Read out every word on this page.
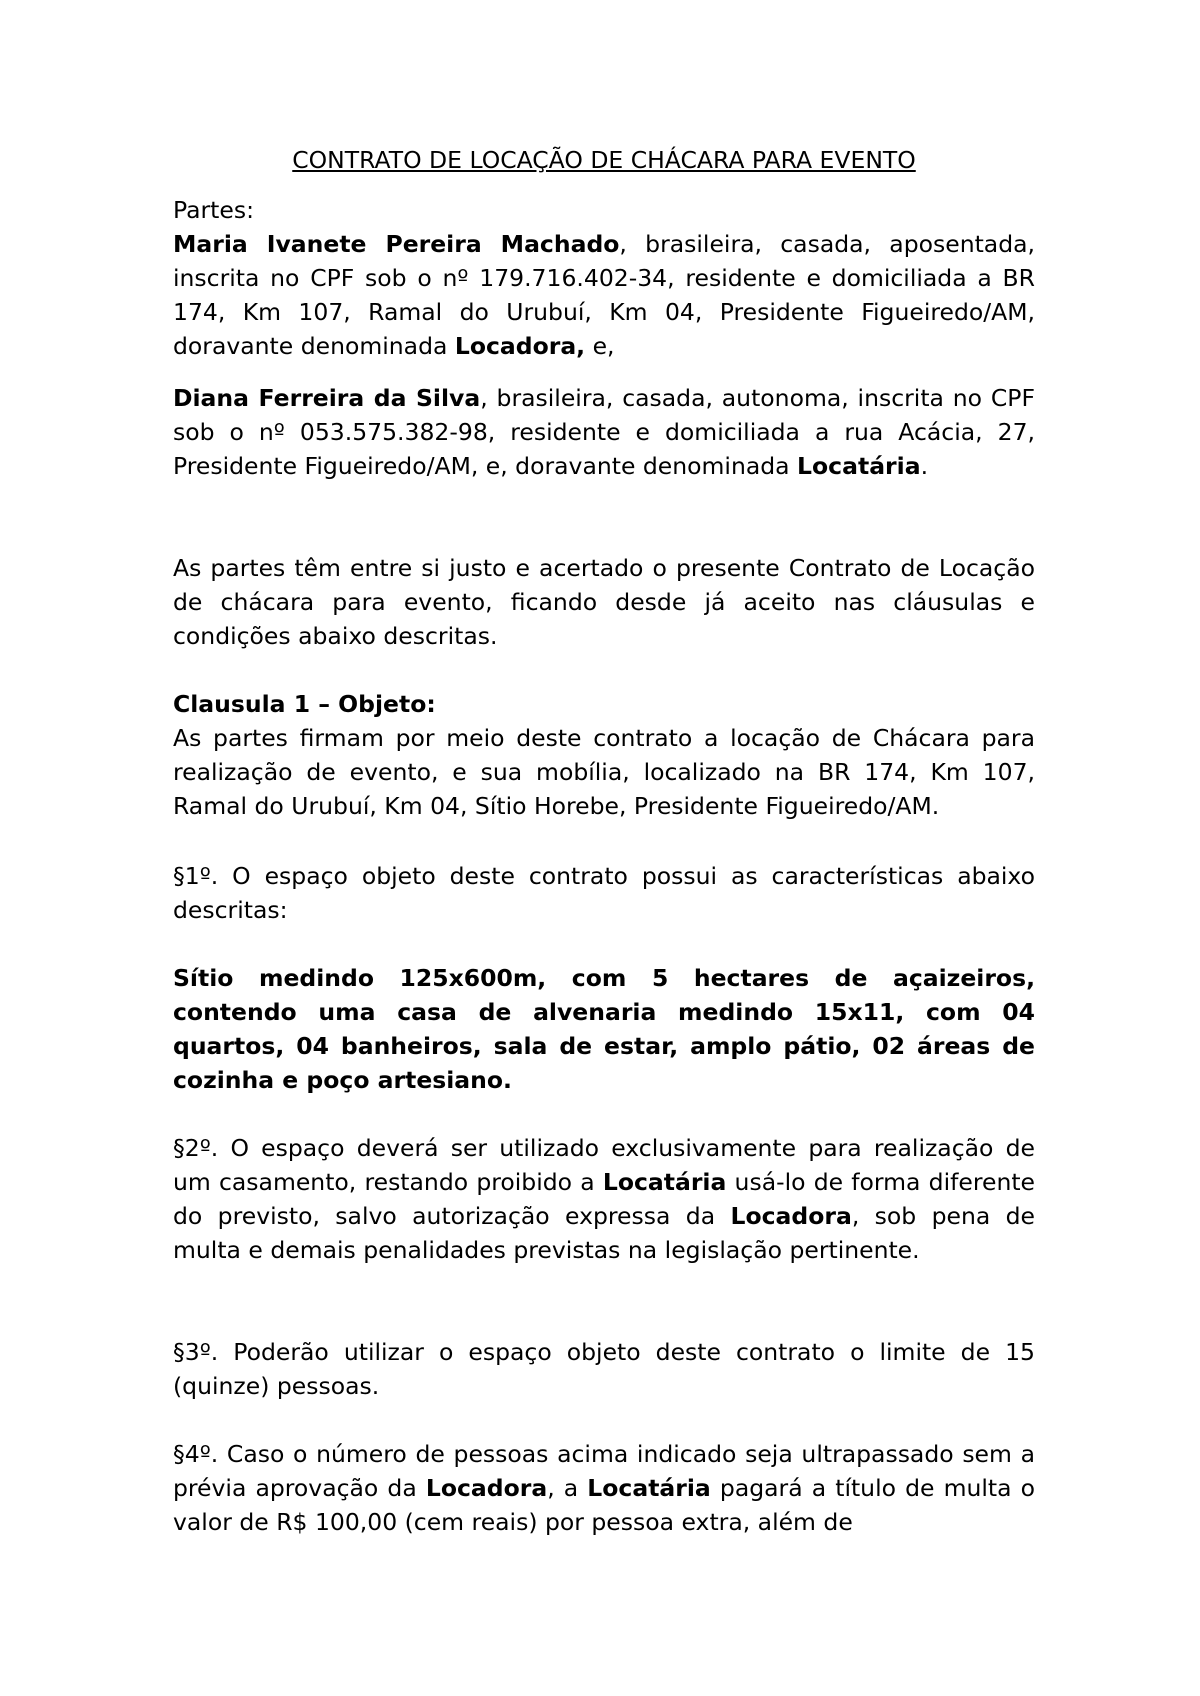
CONTRATO DE LOCAÇÃO DE CHÁCARA PARA EVENTO
Partes:
Maria Ivanete Pereira Machado, brasileira, casada, aposentada, inscrita no CPF sob o nº 179.716.402-34, residente e domiciliada a BR 174, Km 107, Ramal do Urubuí, Km 04, Presidente Figueiredo/AM, doravante denominada Locadora, e,
Diana Ferreira da Silva, brasileira, casada, autonoma, inscrita no CPF sob o nº 053.575.382-98, residente e domiciliada a rua Acácia, 27, Presidente Figueiredo/AM, e, doravante denominada Locatária.
As partes têm entre si justo e acertado o presente Contrato de Locação de chácara para evento, ficando desde já aceito nas cláusulas e condições abaixo descritas.
Clausula 1 – Objeto:
As partes firmam por meio deste contrato a locação de Chácara para realização de evento, e sua mobília, localizado na BR 174, Km 107, Ramal do Urubuí, Km 04, Sítio Horebe, Presidente Figueiredo/AM.
§1º. O espaço objeto deste contrato possui as características abaixo descritas:
Sítio medindo 125x600m, com 5 hectares de açaizeiros, contendo uma casa de alvenaria medindo 15x11, com 04 quartos, 04 banheiros, sala de estar, amplo pátio, 02 áreas de cozinha e poço artesiano.
§2º. O espaço deverá ser utilizado exclusivamente para realização de um casamento, restando proibido a Locatária usá-lo de forma diferente do previsto, salvo autorização expressa da Locadora, sob pena de multa e demais penalidades previstas na legislação pertinente.
§3º. Poderão utilizar o espaço objeto deste contrato o limite de 15 (quinze) pessoas.
§4º. Caso o número de pessoas acima indicado seja ultrapassado sem a prévia aprovação da Locadora, a Locatária pagará a título de multa o valor de R$ 100,00 (cem reais) por pessoa extra, além de
